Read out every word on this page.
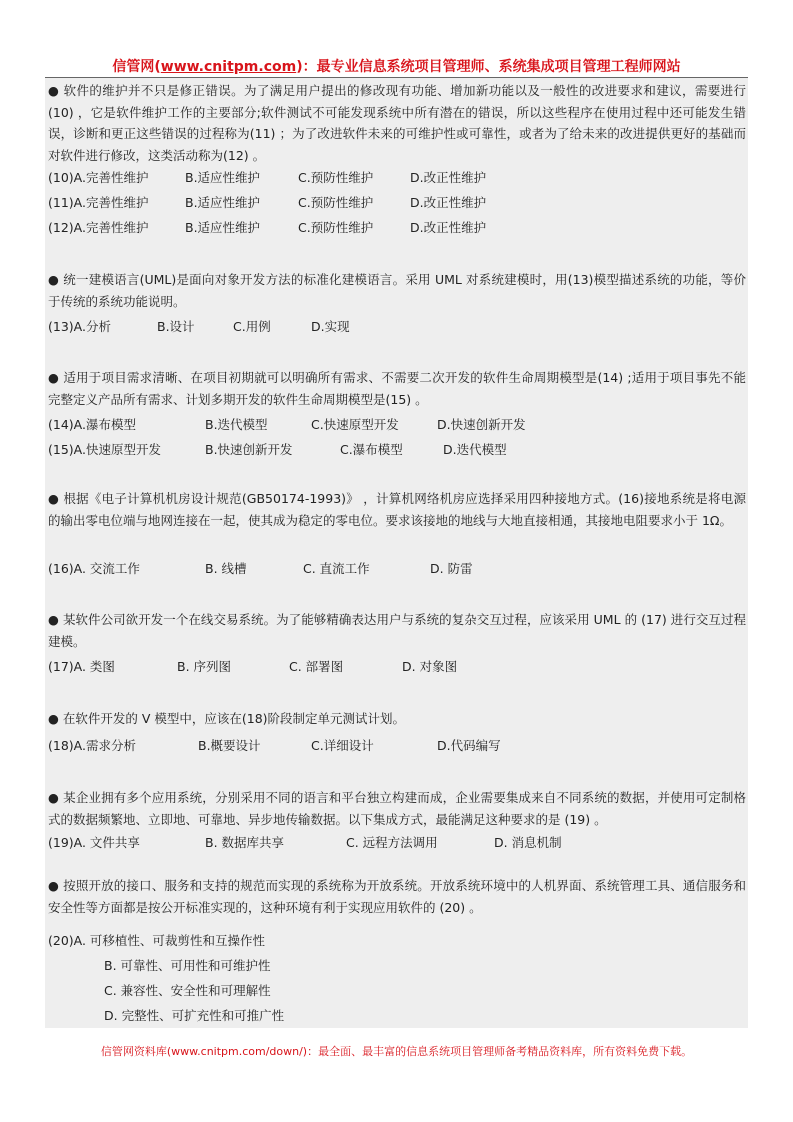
信管网(www.cnitpm.com)：最专业信息系统项目管理师、系统集成项目管理工程师网站
● 软件的维护并不只是修正错误。为了满足用户提出的修改现有功能、增加新功能以及一般性的改进要求和建议，需要进行(10) ，它是软件维护工作的主要部分;软件测试不可能发现系统中所有潜在的错误，所以这些程序在使用过程中还可能发生错误，诊断和更正这些错误的过程称为(11) ；为了改进软件未来的可维护性或可靠性，或者为了给未来的改进提供更好的基础而对软件进行修改，这类活动称为(12) 。
(10)A.完善性维护	B.适应性维护	C.预防性维护	D.改正性维护
(11)A.完善性维护	B.适应性维护	C.预防性维护	D.改正性维护
(12)A.完善性维护	B.适应性维护	C.预防性维护	D.改正性维护
● 统一建模语言(UML)是面向对象开发方法的标准化建模语言。采用 UML 对系统建模时，用(13)模型描述系统的功能，等价于传统的系统功能说明。
(13)A.分析	B.设计	C.用例	D.实现
● 适用于项目需求清晰、在项目初期就可以明确所有需求、不需要二次开发的软件生命周期模型是(14) ;适用于项目事先不能完整定义产品所有需求、计划多期开发的软件生命周期模型是(15) 。
(14)A.瀑布模型	B.迭代模型	C.快速原型开发	D.快速创新开发
(15)A.快速原型开发	B.快速创新开发	C.瀑布模型	D.迭代模型
● 根据《电子计算机机房设计规范(GB50174-1993)》 ，计算机网络机房应选择采用四种接地方式。(16)接地系统是将电源的输出零电位端与地网连接在一起，使其成为稳定的零电位。要求该接地的地线与大地直接相通，其接地电阻要求小于 1Ω。
(16)A. 交流工作	B. 线槽	C. 直流工作	D. 防雷
● 某软件公司欲开发一个在线交易系统。为了能够精确表达用户与系统的复杂交互过程，应该采用 UML 的 (17) 进行交互过程建模。
(17)A. 类图	B. 序列图	C. 部署图	D. 对象图
● 在软件开发的 V 模型中，应该在(18)阶段制定单元测试计划。
(18)A.需求分析	B.概要设计	C.详细设计	D.代码编写
● 某企业拥有多个应用系统，分别采用不同的语言和平台独立构建而成，企业需要集成来自不同系统的数据，并使用可定制格式的数据频繁地、立即地、可靠地、异步地传输数据。以下集成方式，最能满足这种要求的是 (19) 。
(19)A. 文件共享	B. 数据库共享	C. 远程方法调用	D. 消息机制
● 按照开放的接口、服务和支持的规范而实现的系统称为开放系统。开放系统环境中的人机界面、系统管理工具、通信服务和安全性等方面都是按公开标准实现的，这种环境有利于实现应用软件的 (20) 。
(20)A. 可移植性、可裁剪性和互操作性
B. 可靠性、可用性和可维护性
C. 兼容性、安全性和可理解性
D. 完整性、可扩充性和可推广性
信管网资料库(www.cnitpm.com/down/)：最全面、最丰富的信息系统项目管理师备考精品资料库，所有资料免费下载。
